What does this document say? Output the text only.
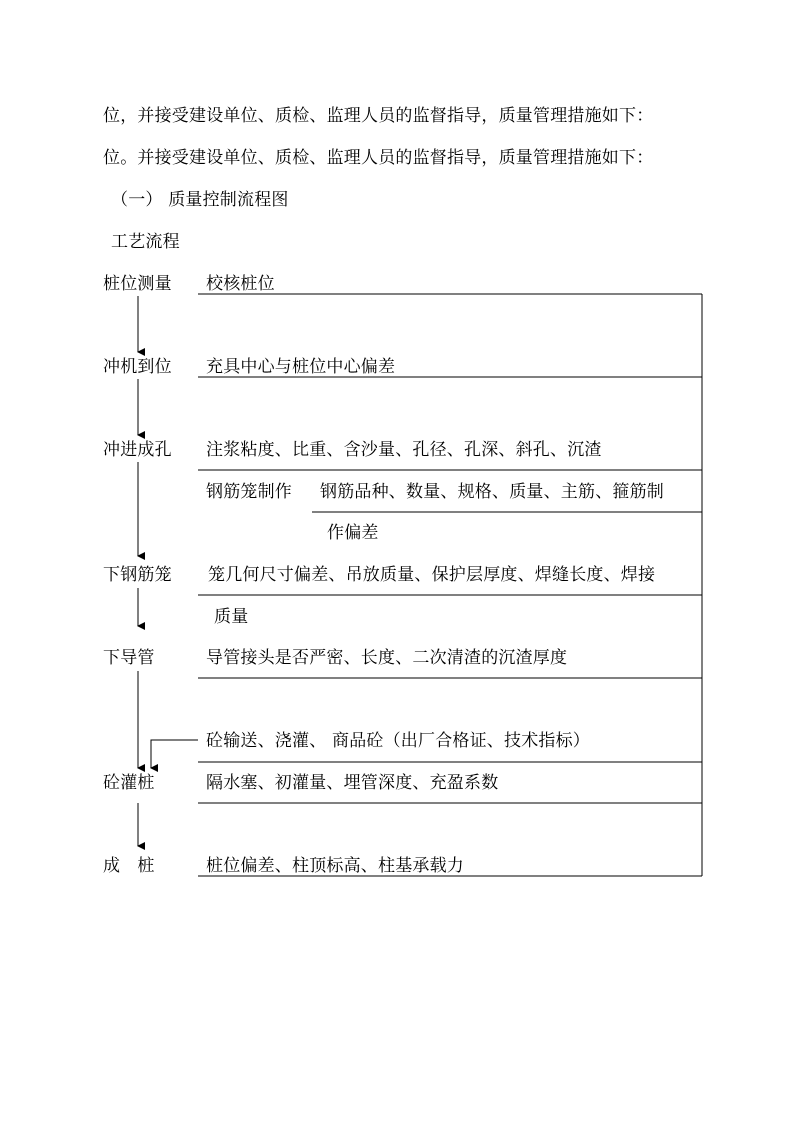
位，并接受建设单位、质检、监理人员的监督指导，质量管理措施如下：
位。并接受建设单位、质检、监理人员的监督指导，质量管理措施如下：
（一） 质量控制流程图
工艺流程
桩位测量
冲机到位
冲进成孔
下钢筋笼
下导管
砼灌桩
成　桩
校核桩位
充具中心与桩位中心偏差
注浆粘度、比重、含沙量、孔径、孔深、斜孔、沉渣
钢筋笼制作 钢筋品种、数量、规格、质量、主筋、箍筋制
作偏差
笼几何尺寸偏差、吊放质量、保护层厚度、焊缝长度、焊接
质量
导管接头是否严密、长度、二次清渣的沉渣厚度
砼输送、浇灌、 商品砼（出厂合格证、技术指标）
隔水塞、初灌量、埋管深度、充盈系数
桩位偏差、柱顶标高、柱基承载力
